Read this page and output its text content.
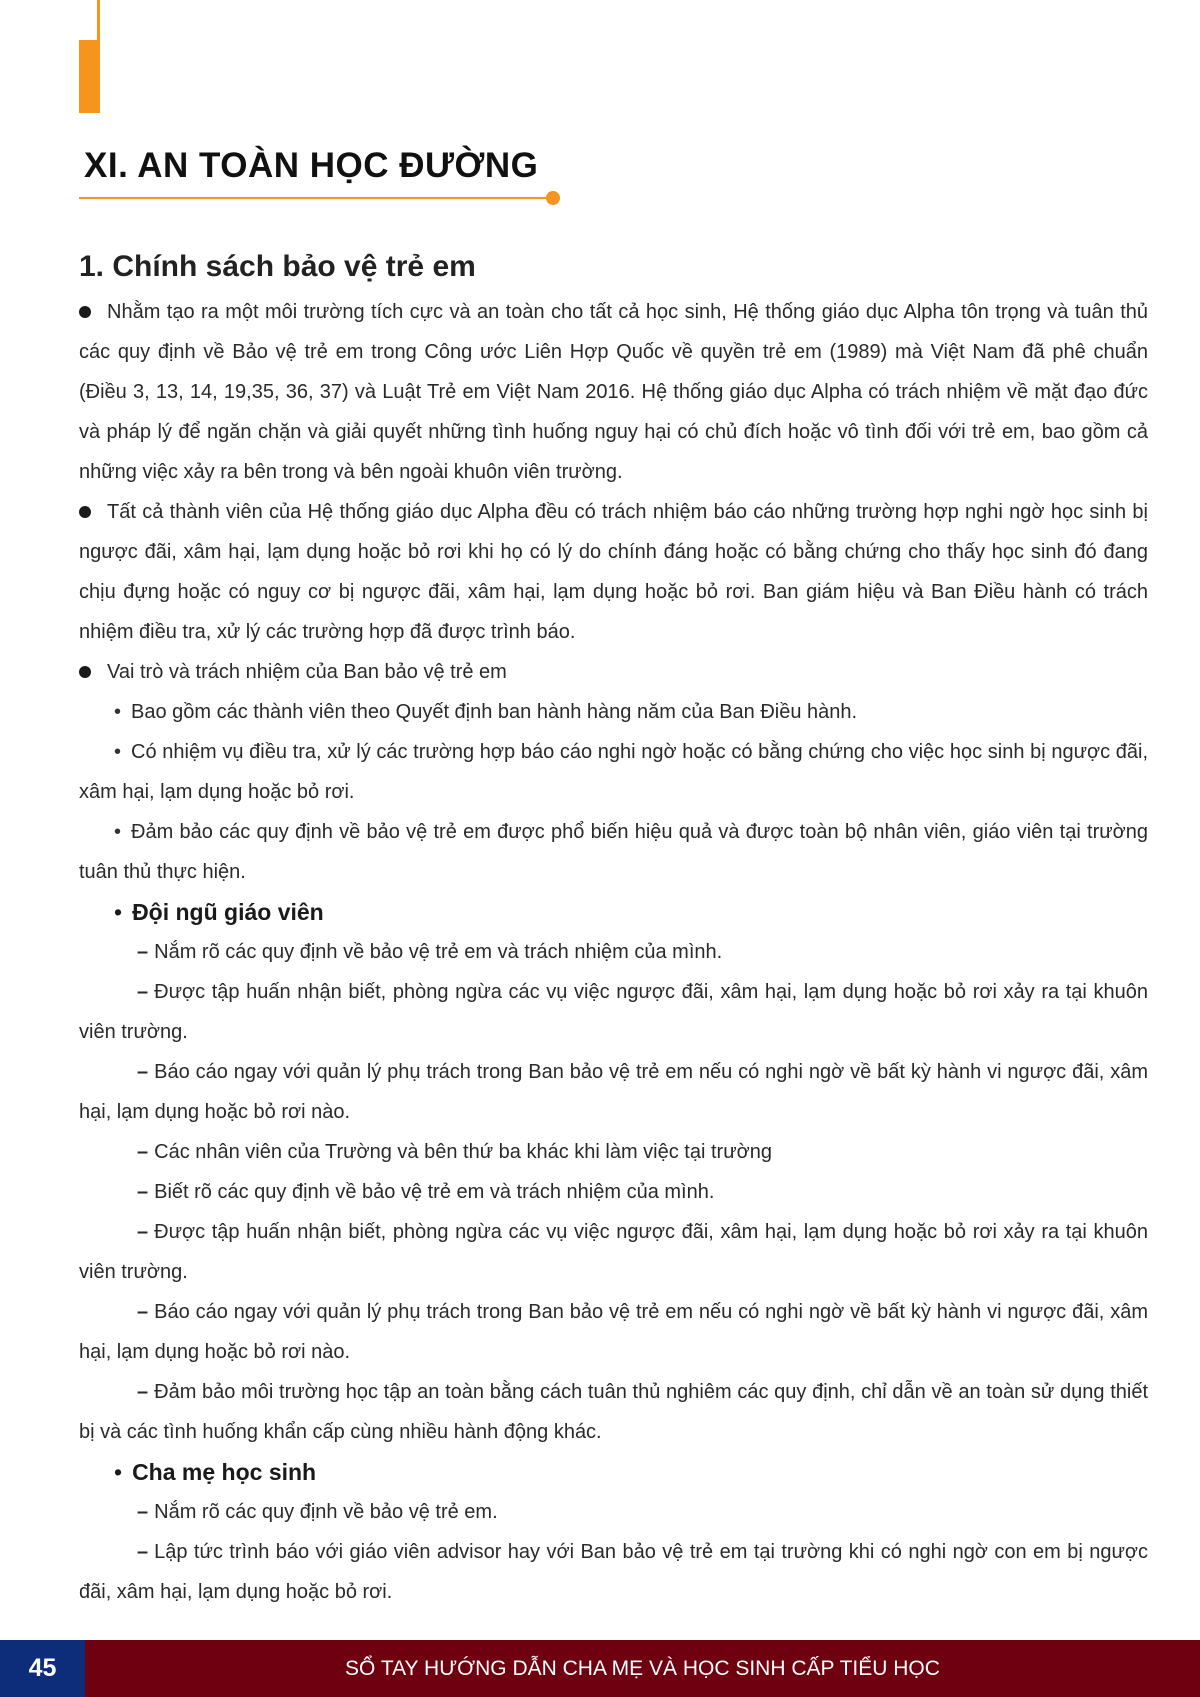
XI. AN TOÀN HỌC ĐƯỜNG
1. Chính sách bảo vệ trẻ em

Nhằm tạo ra một môi trường tích cực và an toàn cho tất cả học sinh, Hệ thống giáo dục Alpha tôn trọng và tuân thủ các quy định về Bảo vệ trẻ em trong Công ước Liên Hợp Quốc về quyền trẻ em (1989) mà Việt Nam đã phê chuẩn (Điều 3, 13, 14, 19,35, 36, 37) và Luật Trẻ em Việt Nam 2016. Hệ thống giáo dục Alpha có trách nhiệm về mặt đạo đức và pháp lý để ngăn chặn và giải quyết những tình huống nguy hại có chủ đích hoặc vô tình đối với trẻ em, bao gồm cả những việc xảy ra bên trong và bên ngoài khuôn viên trường.

Tất cả thành viên của Hệ thống giáo dục Alpha đều có trách nhiệm báo cáo những trường hợp nghi ngờ học sinh bị ngược đãi, xâm hại, lạm dụng hoặc bỏ rơi khi họ có lý do chính đáng hoặc có bằng chứng cho thấy học sinh đó đang chịu đựng hoặc có nguy cơ bị ngược đãi, xâm hại, lạm dụng hoặc bỏ rơi. Ban giám hiệu và Ban Điều hành có trách nhiệm điều tra, xử lý các trường hợp đã được trình báo.

Vai trò và trách nhiệm của Ban bảo vệ trẻ em

• Bao gồm các thành viên theo Quyết định ban hành hàng năm của Ban Điều hành.

• Có nhiệm vụ điều tra, xử lý các trường hợp báo cáo nghi ngờ hoặc có bằng chứng cho việc học sinh bị ngược đãi, xâm hại, lạm dụng hoặc bỏ rơi.

• Đảm bảo các quy định về bảo vệ trẻ em được phổ biến hiệu quả và được toàn bộ nhân viên, giáo viên tại trường tuân thủ thực hiện.

• Đội ngũ giáo viên

– Nắm rõ các quy định về bảo vệ trẻ em và trách nhiệm của mình.

– Được tập huấn nhận biết, phòng ngừa các vụ việc ngược đãi, xâm hại, lạm dụng hoặc bỏ rơi xảy ra tại khuôn viên trường.

– Báo cáo ngay với quản lý phụ trách trong Ban bảo vệ trẻ em nếu có nghi ngờ về bất kỳ hành vi ngược đãi, xâm hại, lạm dụng hoặc bỏ rơi nào.

– Các nhân viên của Trường và bên thứ ba khác khi làm việc tại trường

– Biết rõ các quy định về bảo vệ trẻ em và trách nhiệm của mình.

– Được tập huấn nhận biết, phòng ngừa các vụ việc ngược đãi, xâm hại, lạm dụng hoặc bỏ rơi xảy ra tại khuôn viên trường.

– Báo cáo ngay với quản lý phụ trách trong Ban bảo vệ trẻ em nếu có nghi ngờ về bất kỳ hành vi ngược đãi, xâm hại, lạm dụng hoặc bỏ rơi nào.

– Đảm bảo môi trường học tập an toàn bằng cách tuân thủ nghiêm các quy định, chỉ dẫn về an toàn sử dụng thiết bị và các tình huống khẩn cấp cùng nhiều hành động khác.

• Cha mẹ học sinh

– Nắm rõ các quy định về bảo vệ trẻ em.

– Lập tức trình báo với giáo viên advisor hay với Ban bảo vệ trẻ em tại trường khi có nghi ngờ con em bị ngược đãi, xâm hại, lạm dụng hoặc bỏ rơi.

45	SỔ TAY HƯỚNG DẪN CHA MẸ VÀ HỌC SINH CẤP TIỂU HỌC
